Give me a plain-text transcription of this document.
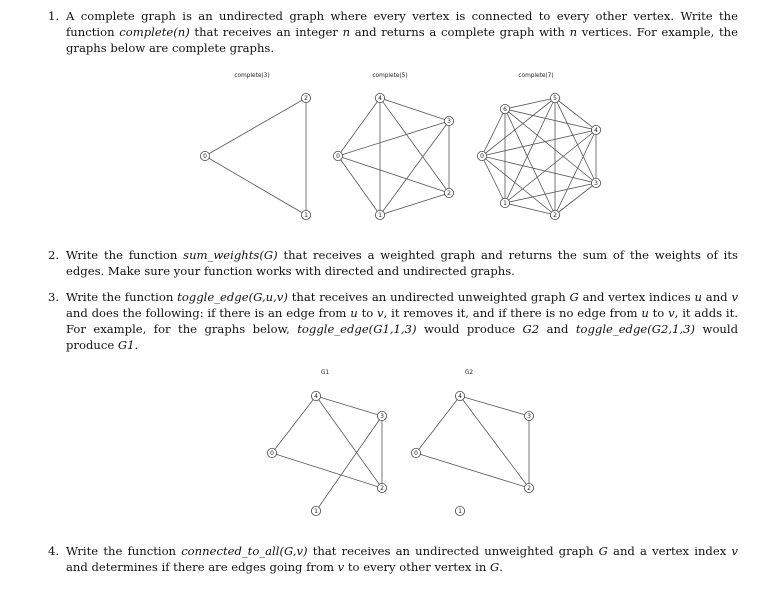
1. A complete graph is an undirected graph where every vertex is connected to every other vertex. Write the function complete(n) that receives an integer n and returns a complete graph with n vertices. For example, the graphs below are complete graphs.
complete(3)	complete(5)	complete(7)
0
1
2
0
1
2
3
4
0
1
2
3
4
5
6
0
1
2
3
4
0
1
2
3
4
2. Write the function sum_weights(G) that receives a weighted graph and returns the sum of the weights of its edges. Make sure your function works with directed and undirected graphs.
3. Write the function toggle_edge(G,u,v) that receives an undirected unweighted graph G and vertex indices u and v and does the following: if there is an edge from u to v, it removes it, and if there is no edge from u to v, it adds it. For example, for the graphs below, toggle_edge(G1,1,3) would produce G2 and toggle_edge(G2,1,3) would produce G1.
G1	G2
4. Write the function connected_to_all(G,v) that receives an undirected unweighted graph G and a vertex index v and determines if there are edges going from v to every other vertex in G.
